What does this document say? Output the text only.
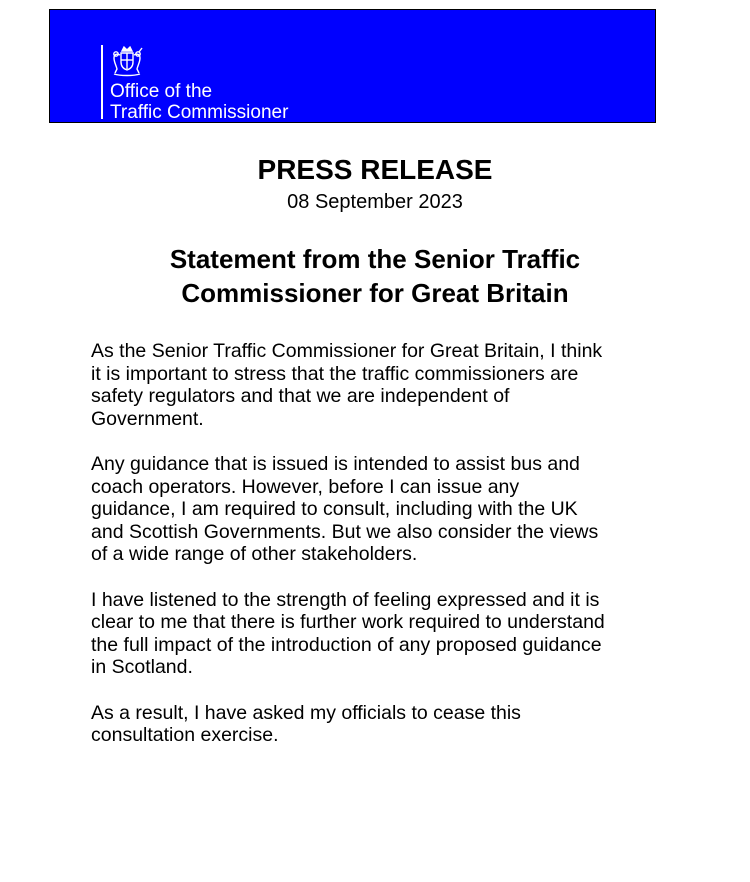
Office of the
Traffic Commissioner
PRESS RELEASE
08 September 2023
Statement from the Senior Traffic
Commissioner for Great Britain

As the Senior Traffic Commissioner for Great Britain, I think
it is important to stress that the traffic commissioners are
safety regulators and that we are independent of
Government.

Any guidance that is issued is intended to assist bus and
coach operators. However, before I can issue any
guidance, I am required to consult, including with the UK
and Scottish Governments. But we also consider the views
of a wide range of other stakeholders.

I have listened to the strength of feeling expressed and it is
clear to me that there is further work required to understand
the full impact of the introduction of any proposed guidance
in Scotland.

As a result, I have asked my officials to cease this
consultation exercise.
